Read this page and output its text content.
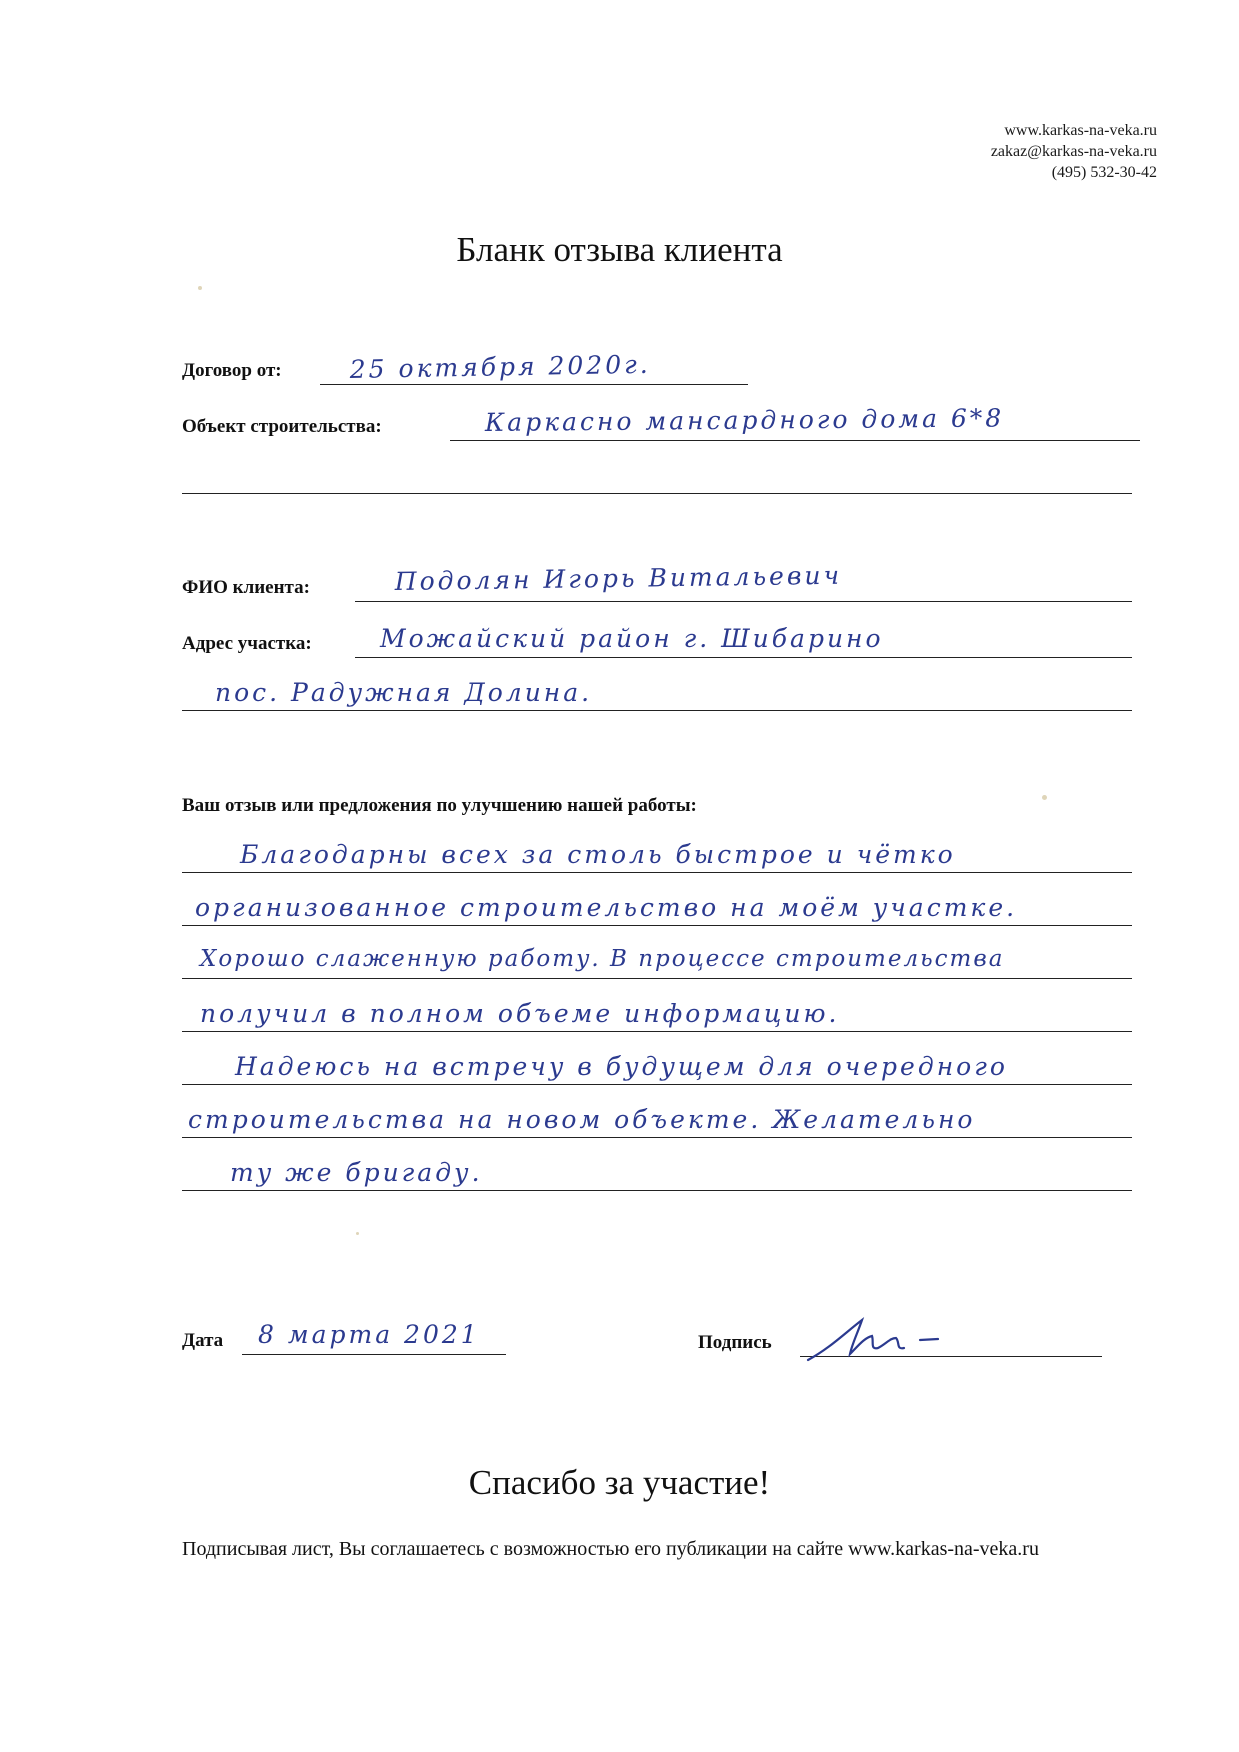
www.karkas-na-veka.ru
zakaz@karkas-na-veka.ru
(495) 532-30-42
Бланк отзыва клиента
Договор от:	25 октября 2020г.
Объект строительства:	Каркасно мансардного дома 6*8
ФИО клиента:	Подолян Игорь Витальевич
Адрес участка:	Можайский район г. Шибарино
пос. Радужная Долина.
Ваш отзыв или предложения по улучшению нашей работы:
Благодарны всех за столь быстрое и чётко
организованное строительство на моём участке.
Хорошо слаженную работу. В процессе строительства
получил в полном объеме информацию.
Надеюсь на встречу в будущем для очередного
строительства на новом объекте. Желательно
ту же бригаду.
Дата 8 марта 2021	Подпись
Спасибо за участие!
Подписывая лист, Вы соглашаетесь с возможностью его публикации на сайте www.karkas-na-veka.ru
